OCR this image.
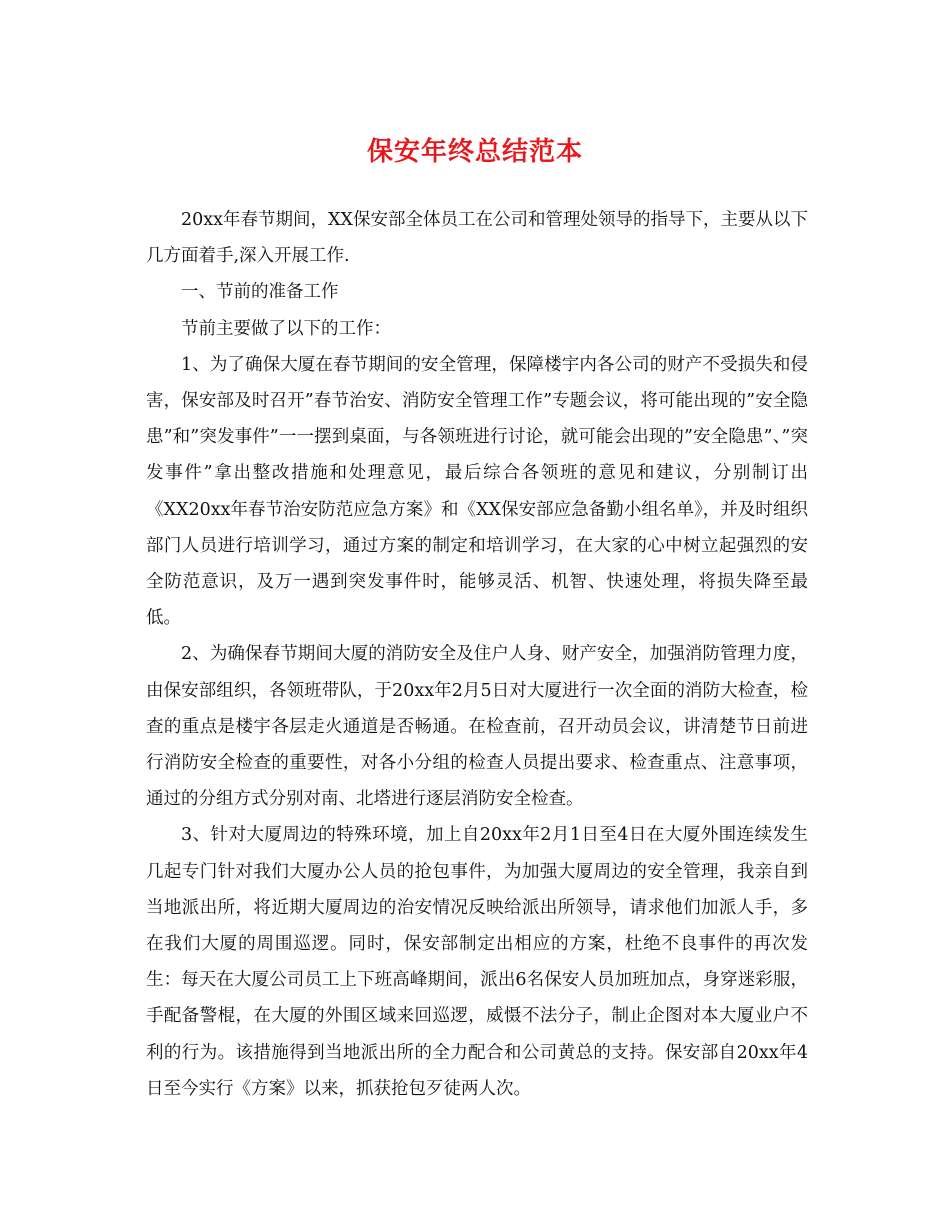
保安年终总结范本

20xx年春节期间，XX保安部全体员工在公司和管理处领导的指导下，主要从以下几方面着手,深入开展工作.

一、节前的准备工作

节前主要做了以下的工作：

1、为了确保大厦在春节期间的安全管理，保障楼宇内各公司的财产不受损失和侵害，保安部及时召开”春节治安、消防安全管理工作”专题会议，将可能出现的”安全隐患”和”突发事件”一一摆到桌面，与各领班进行讨论，就可能会出现的”安全隐患”、”突发事件”拿出整改措施和处理意见，最后综合各领班的意见和建议，分别制订出《XX20xx年春节治安防范应急方案》和《XX保安部应急备勤小组名单》，并及时组织部门人员进行培训学习，通过方案的制定和培训学习，在大家的心中树立起强烈的安全防范意识，及万一遇到突发事件时，能够灵活、机智、快速处理，将损失降至最低。

2、为确保春节期间大厦的消防安全及住户人身、财产安全，加强消防管理力度，由保安部组织，各领班带队，于20xx年2月5日对大厦进行一次全面的消防大检查，检查的重点是楼宇各层走火通道是否畅通。在检查前，召开动员会议，讲清楚节日前进行消防安全检查的重要性，对各小分组的检查人员提出要求、检查重点、注意事项，通过的分组方式分别对南、北塔进行逐层消防安全检查。

3、针对大厦周边的特殊环境，加上自20xx年2月1日至4日在大厦外围连续发生几起专门针对我们大厦办公人员的抢包事件，为加强大厦周边的安全管理，我亲自到当地派出所，将近期大厦周边的治安情况反映给派出所领导，请求他们加派人手，多在我们大厦的周围巡逻。同时，保安部制定出相应的方案，杜绝不良事件的再次发生：每天在大厦公司员工上下班高峰期间，派出6名保安人员加班加点，身穿迷彩服，手配备警棍，在大厦的外围区域来回巡逻，威慑不法分子，制止企图对本大厦业户不利的行为。该措施得到当地派出所的全力配合和公司黄总的支持。保安部自20xx年4日至今实行《方案》以来，抓获抢包歹徒两人次。
